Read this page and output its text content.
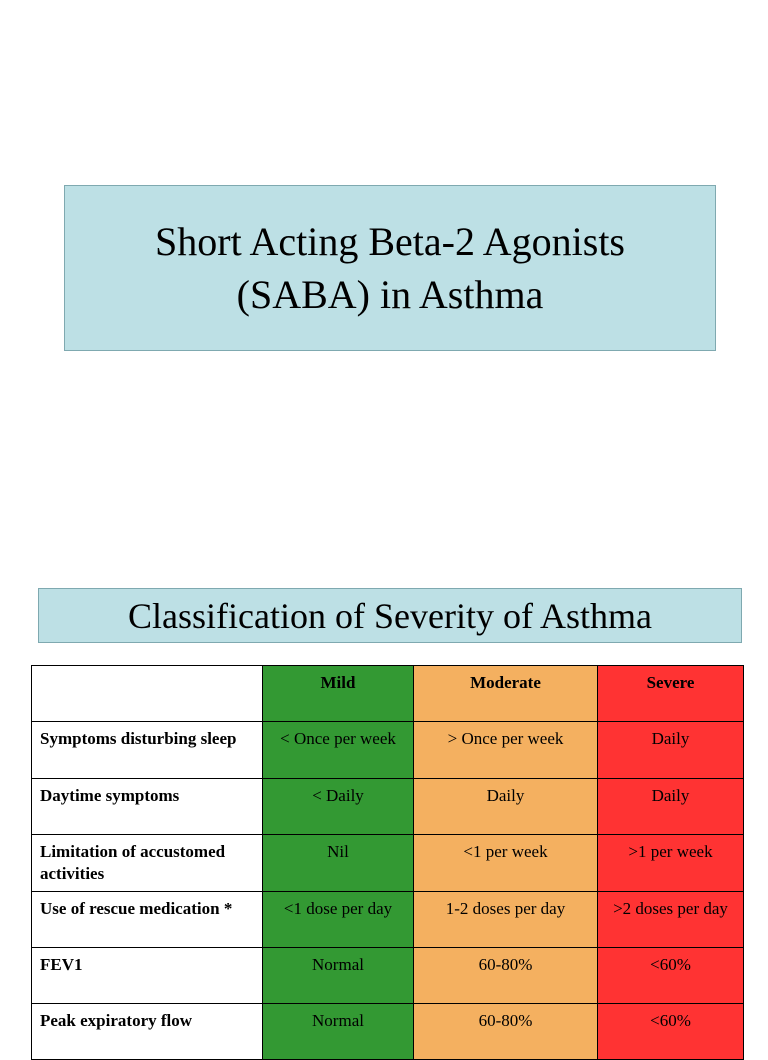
Short Acting Beta-2 Agonists
(SABA) in Asthma
Classification of Severity of Asthma
	Mild	Moderate	Severe
Symptoms disturbing sleep	< Once per week	> Once per week	Daily
Daytime symptoms	< Daily	Daily	Daily
Limitation of accustomed activities	Nil	<1 per week	>1 per week
Use of rescue medication *	<1 dose per day	1-2 doses per day	>2 doses per day
FEV1	Normal	60-80%	<60%
Peak expiratory flow	Normal	60-80%	<60%
